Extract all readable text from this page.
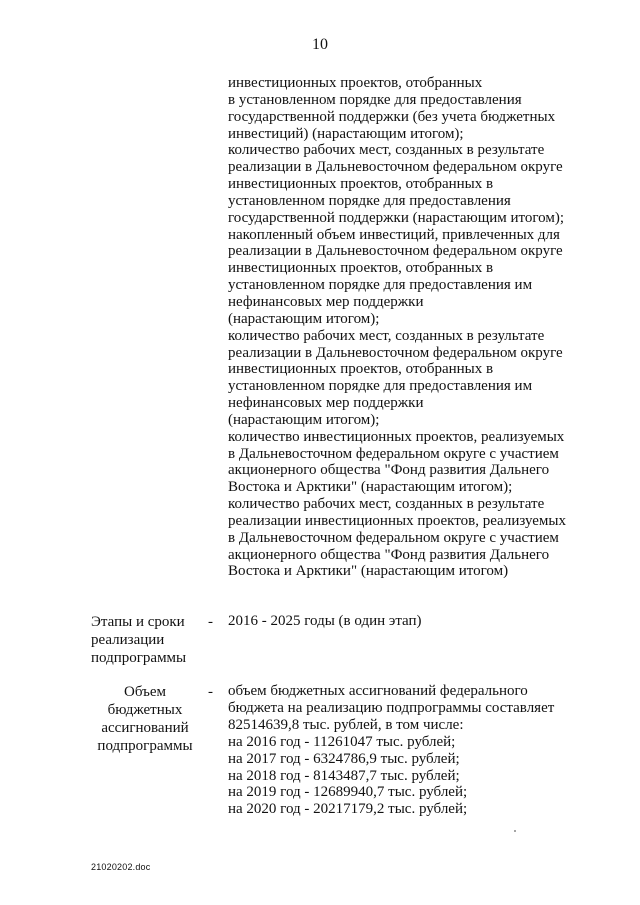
10
инвестиционных проектов, отобранных
в установленном порядке для предоставления
государственной поддержки (без учета бюджетных
инвестиций) (нарастающим итогом);
количество рабочих мест, созданных в результате
реализации в Дальневосточном федеральном округе
инвестиционных проектов, отобранных в
установленном порядке для предоставления
государственной поддержки (нарастающим итогом);
накопленный объем инвестиций, привлеченных для
реализации в Дальневосточном федеральном округе
инвестиционных проектов, отобранных в
установленном порядке для предоставления им
нефинансовых мер поддержки
(нарастающим итогом);
количество рабочих мест, созданных в результате
реализации в Дальневосточном федеральном округе
инвестиционных проектов, отобранных в
установленном порядке для предоставления им
нефинансовых мер поддержки
(нарастающим итогом);
количество инвестиционных проектов, реализуемых
в Дальневосточном федеральном округе с участием
акционерного общества "Фонд развития Дальнего
Востока и Арктики" (нарастающим итогом);
количество рабочих мест, созданных в результате
реализации инвестиционных проектов, реализуемых
в Дальневосточном федеральном округе с участием
акционерного общества "Фонд развития Дальнего
Востока и Арктики" (нарастающим итогом)
Этапы и сроки
реализации
подпрограммы
- 2016 - 2025 годы (в один этап)
Объем
бюджетных
ассигнований
подпрограммы
- объем бюджетных ассигнований федерального
бюджета на реализацию подпрограммы составляет
82514639,8 тыс. рублей, в том числе:
на 2016 год - 11261047 тыс. рублей;
на 2017 год - 6324786,9 тыс. рублей;
на 2018 год - 8143487,7 тыс. рублей;
на 2019 год - 12689940,7 тыс. рублей;
на 2020 год - 20217179,2 тыс. рублей;
21020202.doc
